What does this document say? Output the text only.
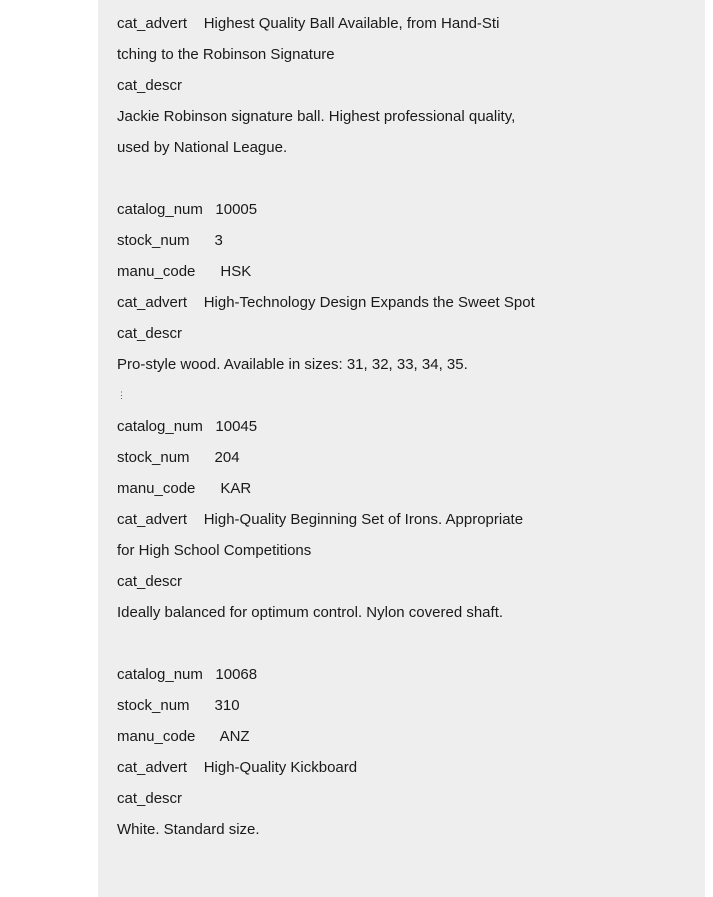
cat_advert    Highest Quality Ball Available, from Hand-Sti
tching to the Robinson Signature
cat_descr
Jackie Robinson signature ball. Highest professional quality,
used by National League.
catalog_num   10005
stock_num      3
manu_code      HSK
cat_advert    High-Technology Design Expands the Sweet Spot
cat_descr
Pro-style wood. Available in sizes: 31, 32, 33, 34, 35.
⋮
catalog_num   10045
stock_num      204
manu_code      KAR
cat_advert    High-Quality Beginning Set of Irons. Appropriate
for High School Competitions
cat_descr
Ideally balanced for optimum control. Nylon covered shaft.
catalog_num   10068
stock_num      310
manu_code      ANZ
cat_advert    High-Quality Kickboard
cat_descr
White. Standard size.
